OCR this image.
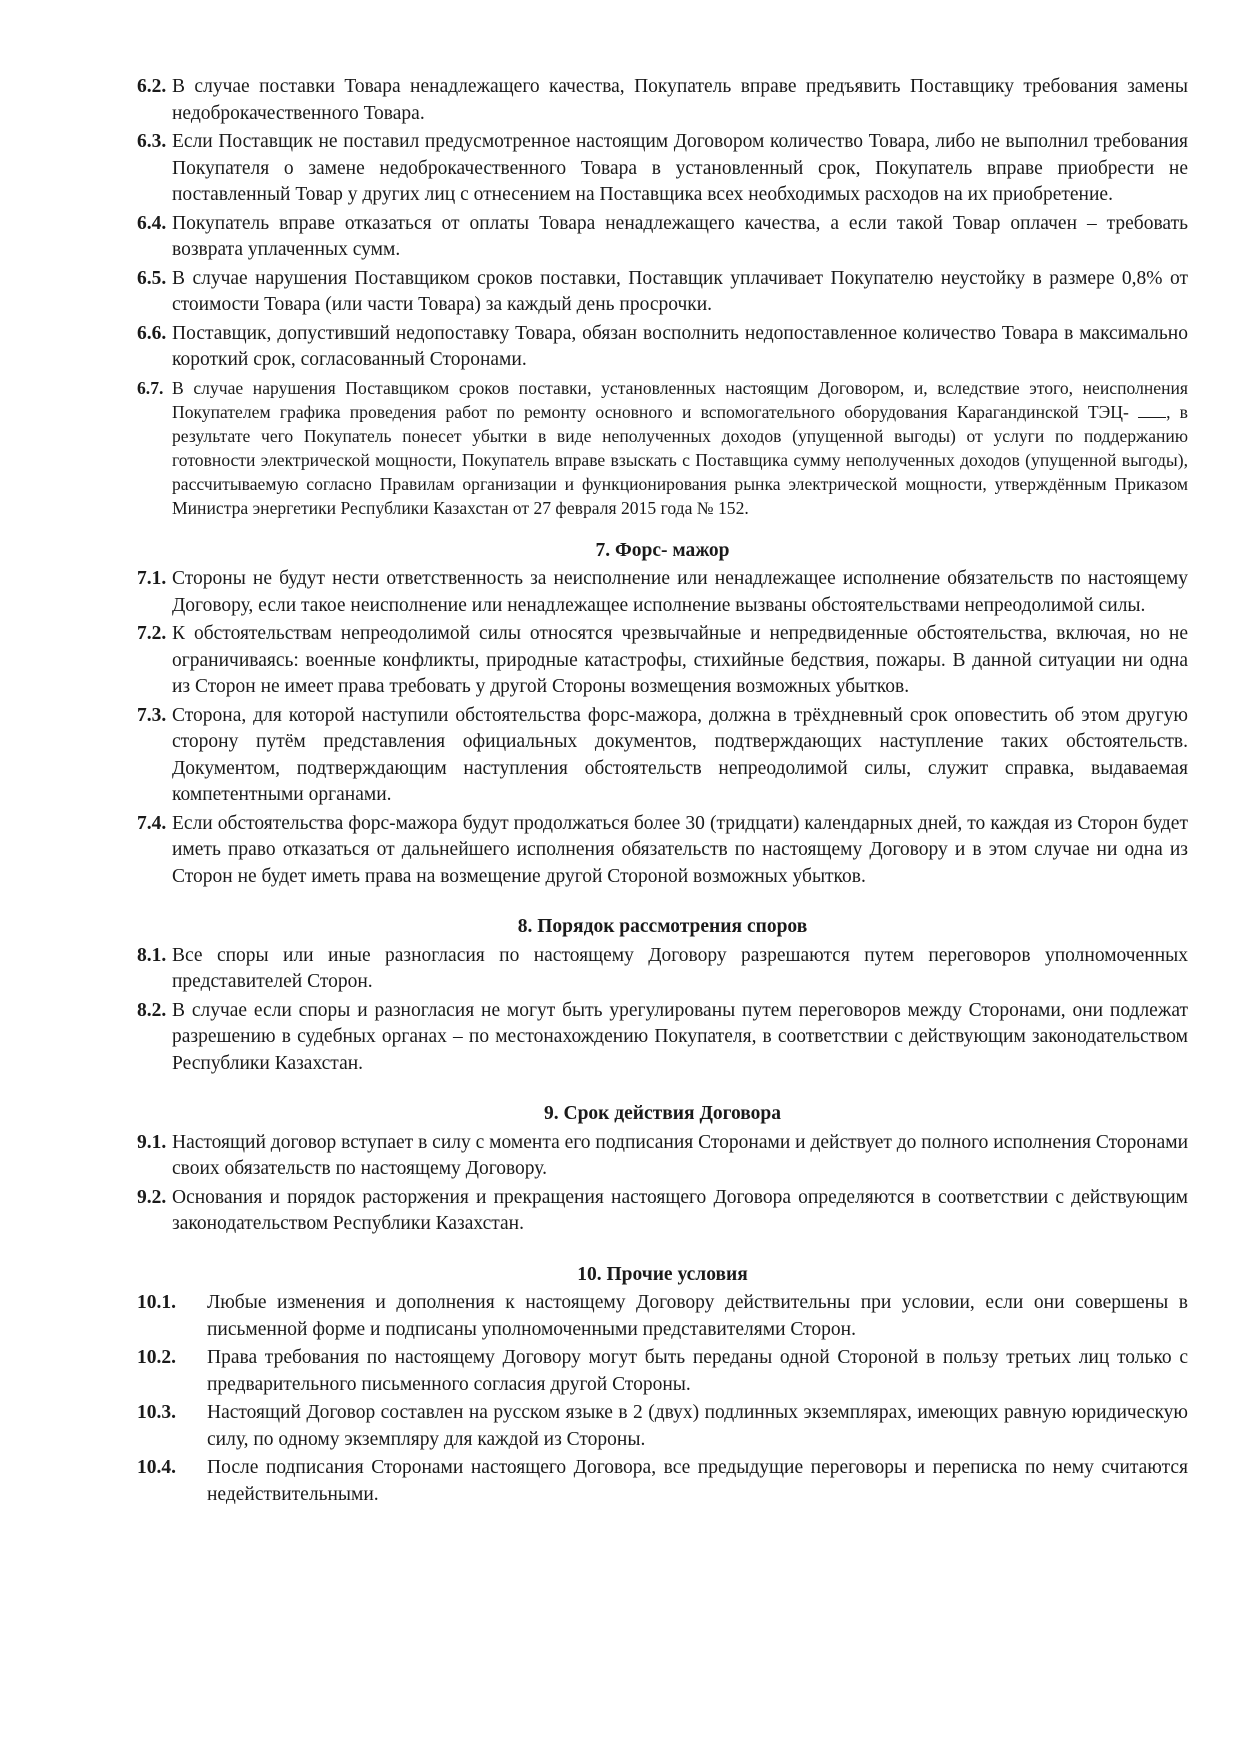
6.2. В случае поставки Товара ненадлежащего качества, Покупатель вправе предъявить Поставщику требования замены недоброкачественного Товара.
6.3. Если Поставщик не поставил предусмотренное настоящим Договором количество Товара, либо не выполнил требования Покупателя о замене недоброкачественного Товара в установленный срок, Покупатель вправе приобрести не поставленный Товар у других лиц с отнесением на Поставщика всех необходимых расходов на их приобретение.
6.4. Покупатель вправе отказаться от оплаты Товара ненадлежащего качества, а если такой Товар оплачен – требовать возврата уплаченных сумм.
6.5. В случае нарушения Поставщиком сроков поставки, Поставщик уплачивает Покупателю неустойку в размере 0,8% от стоимости Товара (или части Товара) за каждый день просрочки.
6.6. Поставщик, допустивший недопоставку Товара, обязан восполнить недопоставленное количество Товара в максимально короткий срок, согласованный Сторонами.
6.7. В случае нарушения Поставщиком сроков поставки, установленных настоящим Договором, и, вследствие этого, неисполнения Покупателем графика проведения работ по ремонту основного и вспомогательного оборудования Карагандинской ТЭЦ- , в результате чего Покупатель понесет убытки в виде неполученных доходов (упущенной выгоды) от услуги по поддержанию готовности электрической мощности, Покупатель вправе взыскать с Поставщика сумму неполученных доходов (упущенной выгоды), рассчитываемую согласно Правилам организации и функционирования рынка электрической мощности, утверждённым Приказом Министра энергетики Республики Казахстан от 27 февраля 2015 года № 152.
7. Форс- мажор
7.1. Стороны не будут нести ответственность за неисполнение или ненадлежащее исполнение обязательств по настоящему Договору, если такое неисполнение или ненадлежащее исполнение вызваны обстоятельствами непреодолимой силы.
7.2. К обстоятельствам непреодолимой силы относятся чрезвычайные и непредвиденные обстоятельства, включая, но не ограничиваясь: военные конфликты, природные катастрофы, стихийные бедствия, пожары. В данной ситуации ни одна из Сторон не имеет права требовать у другой Стороны возмещения возможных убытков.
7.3. Сторона, для которой наступили обстоятельства форс-мажора, должна в трёхдневный срок оповестить об этом другую сторону путём представления официальных документов, подтверждающих наступление таких обстоятельств. Документом, подтверждающим наступления обстоятельств непреодолимой силы, служит справка, выдаваемая компетентными органами.
7.4. Если обстоятельства форс-мажора будут продолжаться более 30 (тридцати) календарных дней, то каждая из Сторон будет иметь право отказаться от дальнейшего исполнения обязательств по настоящему Договору и в этом случае ни одна из Сторон не будет иметь права на возмещение другой Стороной возможных убытков.
8. Порядок рассмотрения споров
8.1. Все споры или иные разногласия по настоящему Договору разрешаются путем переговоров уполномоченных представителей Сторон.
8.2. В случае если споры и разногласия не могут быть урегулированы путем переговоров между Сторонами, они подлежат разрешению в судебных органах – по местонахождению Покупателя, в соответствии с действующим законодательством Республики Казахстан.
9. Срок действия Договора
9.1. Настоящий договор вступает в силу с момента его подписания Сторонами и действует до полного исполнения Сторонами своих обязательств по настоящему Договору.
9.2. Основания и порядок расторжения и прекращения настоящего Договора определяются в соответствии с действующим законодательством Республики Казахстан.
10. Прочие условия
10.1. Любые изменения и дополнения к настоящему Договору действительны при условии, если они совершены в письменной форме и подписаны уполномоченными представителями Сторон.
10.2. Права требования по настоящему Договору могут быть переданы одной Стороной в пользу третьих лиц только с предварительного письменного согласия другой Стороны.
10.3. Настоящий Договор составлен на русском языке в 2 (двух) подлинных экземплярах, имеющих равную юридическую силу, по одному экземпляру для каждой из Стороны.
10.4. После подписания Сторонами настоящего Договора, все предыдущие переговоры и переписка по нему считаются недействительными.
